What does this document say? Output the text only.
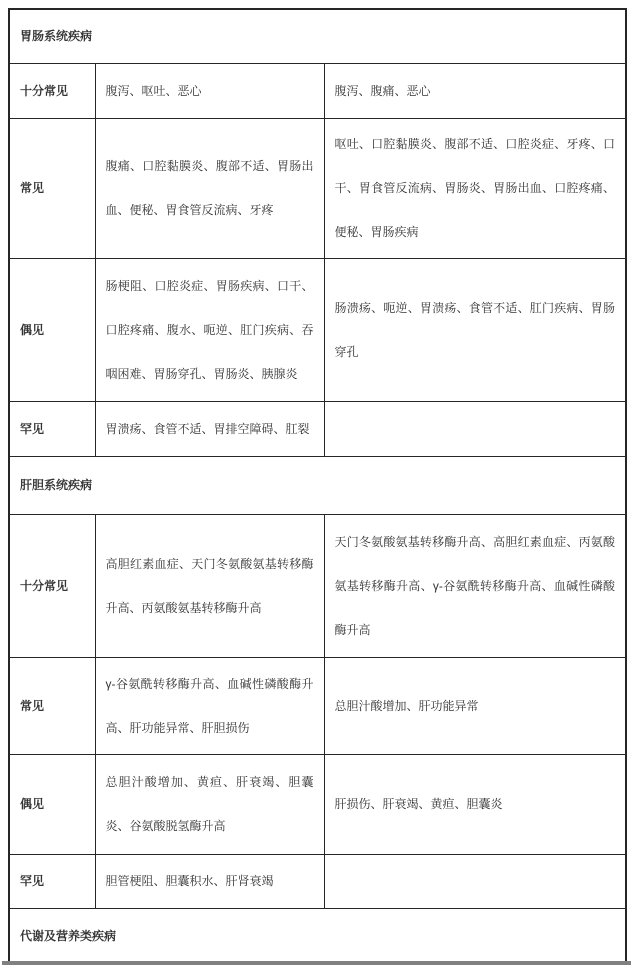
胃肠系统疾病		
十分常见	腹泻、呕吐、恶心	腹泻、腹痛、恶心
常见	腹痛、口腔黏膜炎、腹部不适、胃肠出血、便秘、胃食管反流病、牙疼	呕吐、口腔黏膜炎、腹部不适、口腔炎症、牙疼、口干、胃食管反流病、胃肠炎、胃肠出血、口腔疼痛、便秘、胃肠疾病
偶见	肠梗阻、口腔炎症、胃肠疾病、口干、口腔疼痛、腹水、呃逆、肛门疾病、吞咽困难、胃肠穿孔、胃肠炎、胰腺炎	肠溃疡、呃逆、胃溃疡、食管不适、肛门疾病、胃肠穿孔
罕见	胃溃疡、食管不适、胃排空障碍、肛裂	
肝胆系统疾病		
十分常见	高胆红素血症、天门冬氨酸氨基转移酶升高、丙氨酸氨基转移酶升高	天门冬氨酸氨基转移酶升高、高胆红素血症、丙氨酸氨基转移酶升高、γ-谷氨酰转移酶升高、血碱性磷酸酶升高
常见	γ-谷氨酰转移酶升高、血碱性磷酸酶升高、肝功能异常、肝胆损伤	总胆汁酸增加、肝功能异常
偶见	总胆汁酸增加、黄疸、肝衰竭、胆囊炎、谷氨酸脱氢酶升高	肝损伤、肝衰竭、黄疸、胆囊炎
罕见	胆管梗阻、胆囊积水、肝肾衰竭	
代谢及营养类疾病		
